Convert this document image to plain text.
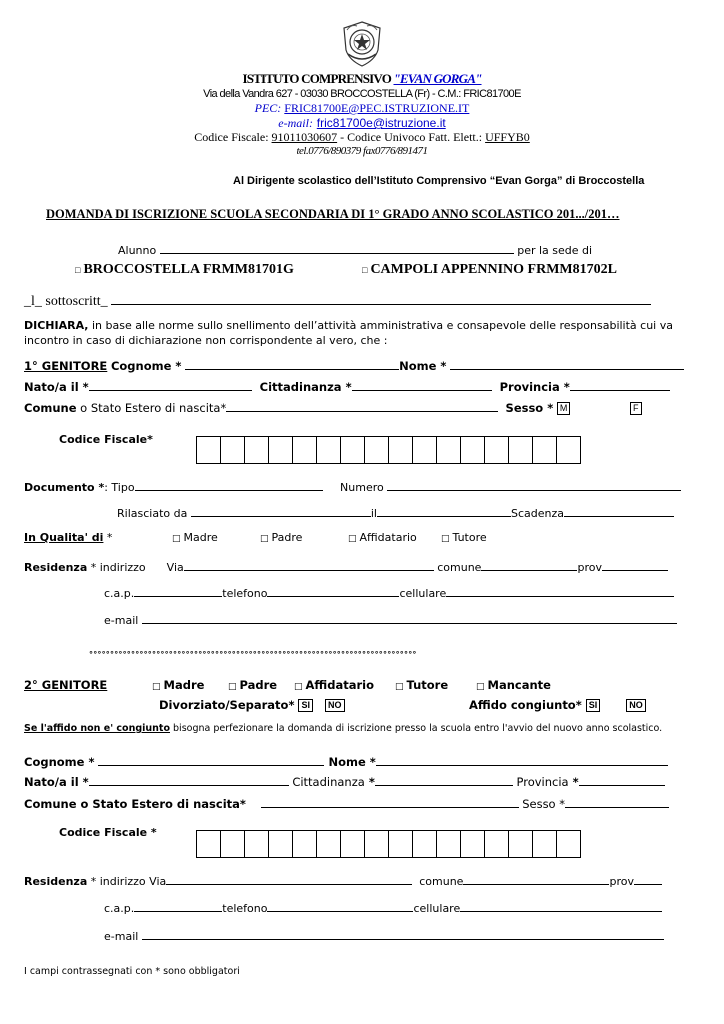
ISTITUTO COMPRENSIVO "EVAN GORGA"
Via della Vandra 627 - 03030 BROCCOSTELLA (Fr) - C.M.: FRIC81700E
PEC: FRIC81700E@PEC.ISTRUZIONE.IT
e-mail: fric81700e@istruzione.it
Codice Fiscale: 91011030607 - Codice Univoco Fatt. Elett.: UFFYB0
tel.0776/890379 fax0776/891471
Al Dirigente scolastico dell’Istituto Comprensivo “Evan Gorga” di Broccostella
DOMANDA DI ISCRIZIONE SCUOLA SECONDARIA DI 1° GRADO ANNO SCOLASTICO 201.../201…
Alunno	per la sede di
□ BROCCOSTELLA FRMM81701G	□ CAMPOLI APPENNINO FRMM81702L
_l_ sottoscritt_
DICHIARA, in base alle norme sullo snellimento dell’attività amministrativa e consapevole delle responsabilità cui va incontro in caso di dichiarazione non corrispondente al vero, che :
1° GENITORE Cognome *	Nome *
Nato/a il *	Cittadinanza *	Provincia *
Comune o Stato Estero di nascita*	Sesso * M	F
Codice Fiscale*
Documento *: Tipo	Numero
Rilasciato da	il	Scadenza
In Qualita' di *	□ Madre	□ Padre	□ Affidatario	□ Tutore
Residenza * indirizzo Via	comune	prov
c.a.p.	telefono	cellulare
e-mail
°°°°°°°°°°°°°°°°°°°°°°°°°°°°°°°°°°°°°°°°°°°°°°°°°°°°°°°°°°°°°°°°°°°°°°°°°°°°°°
2° GENITORE	□ Madre	□ Padre □ Affidatario □ Tutore	□ Mancante
Divorziato/Separato* SI NO	Affido congiunto* SI	NO
Se l'affido non e' congiunto bisogna perfezionare la domanda di iscrizione presso la scuola entro l'avvio del nuovo anno scolastico.
Cognome *	Nome *
Nato/a il *	Cittadinanza *	Provincia *
Comune o Stato Estero di nascita*	Sesso *
Codice Fiscale *
Residenza * indirizzo Via	comune	prov
c.a.p.	telefono	cellulare
e-mail
I campi contrassegnati con * sono obbligatori
